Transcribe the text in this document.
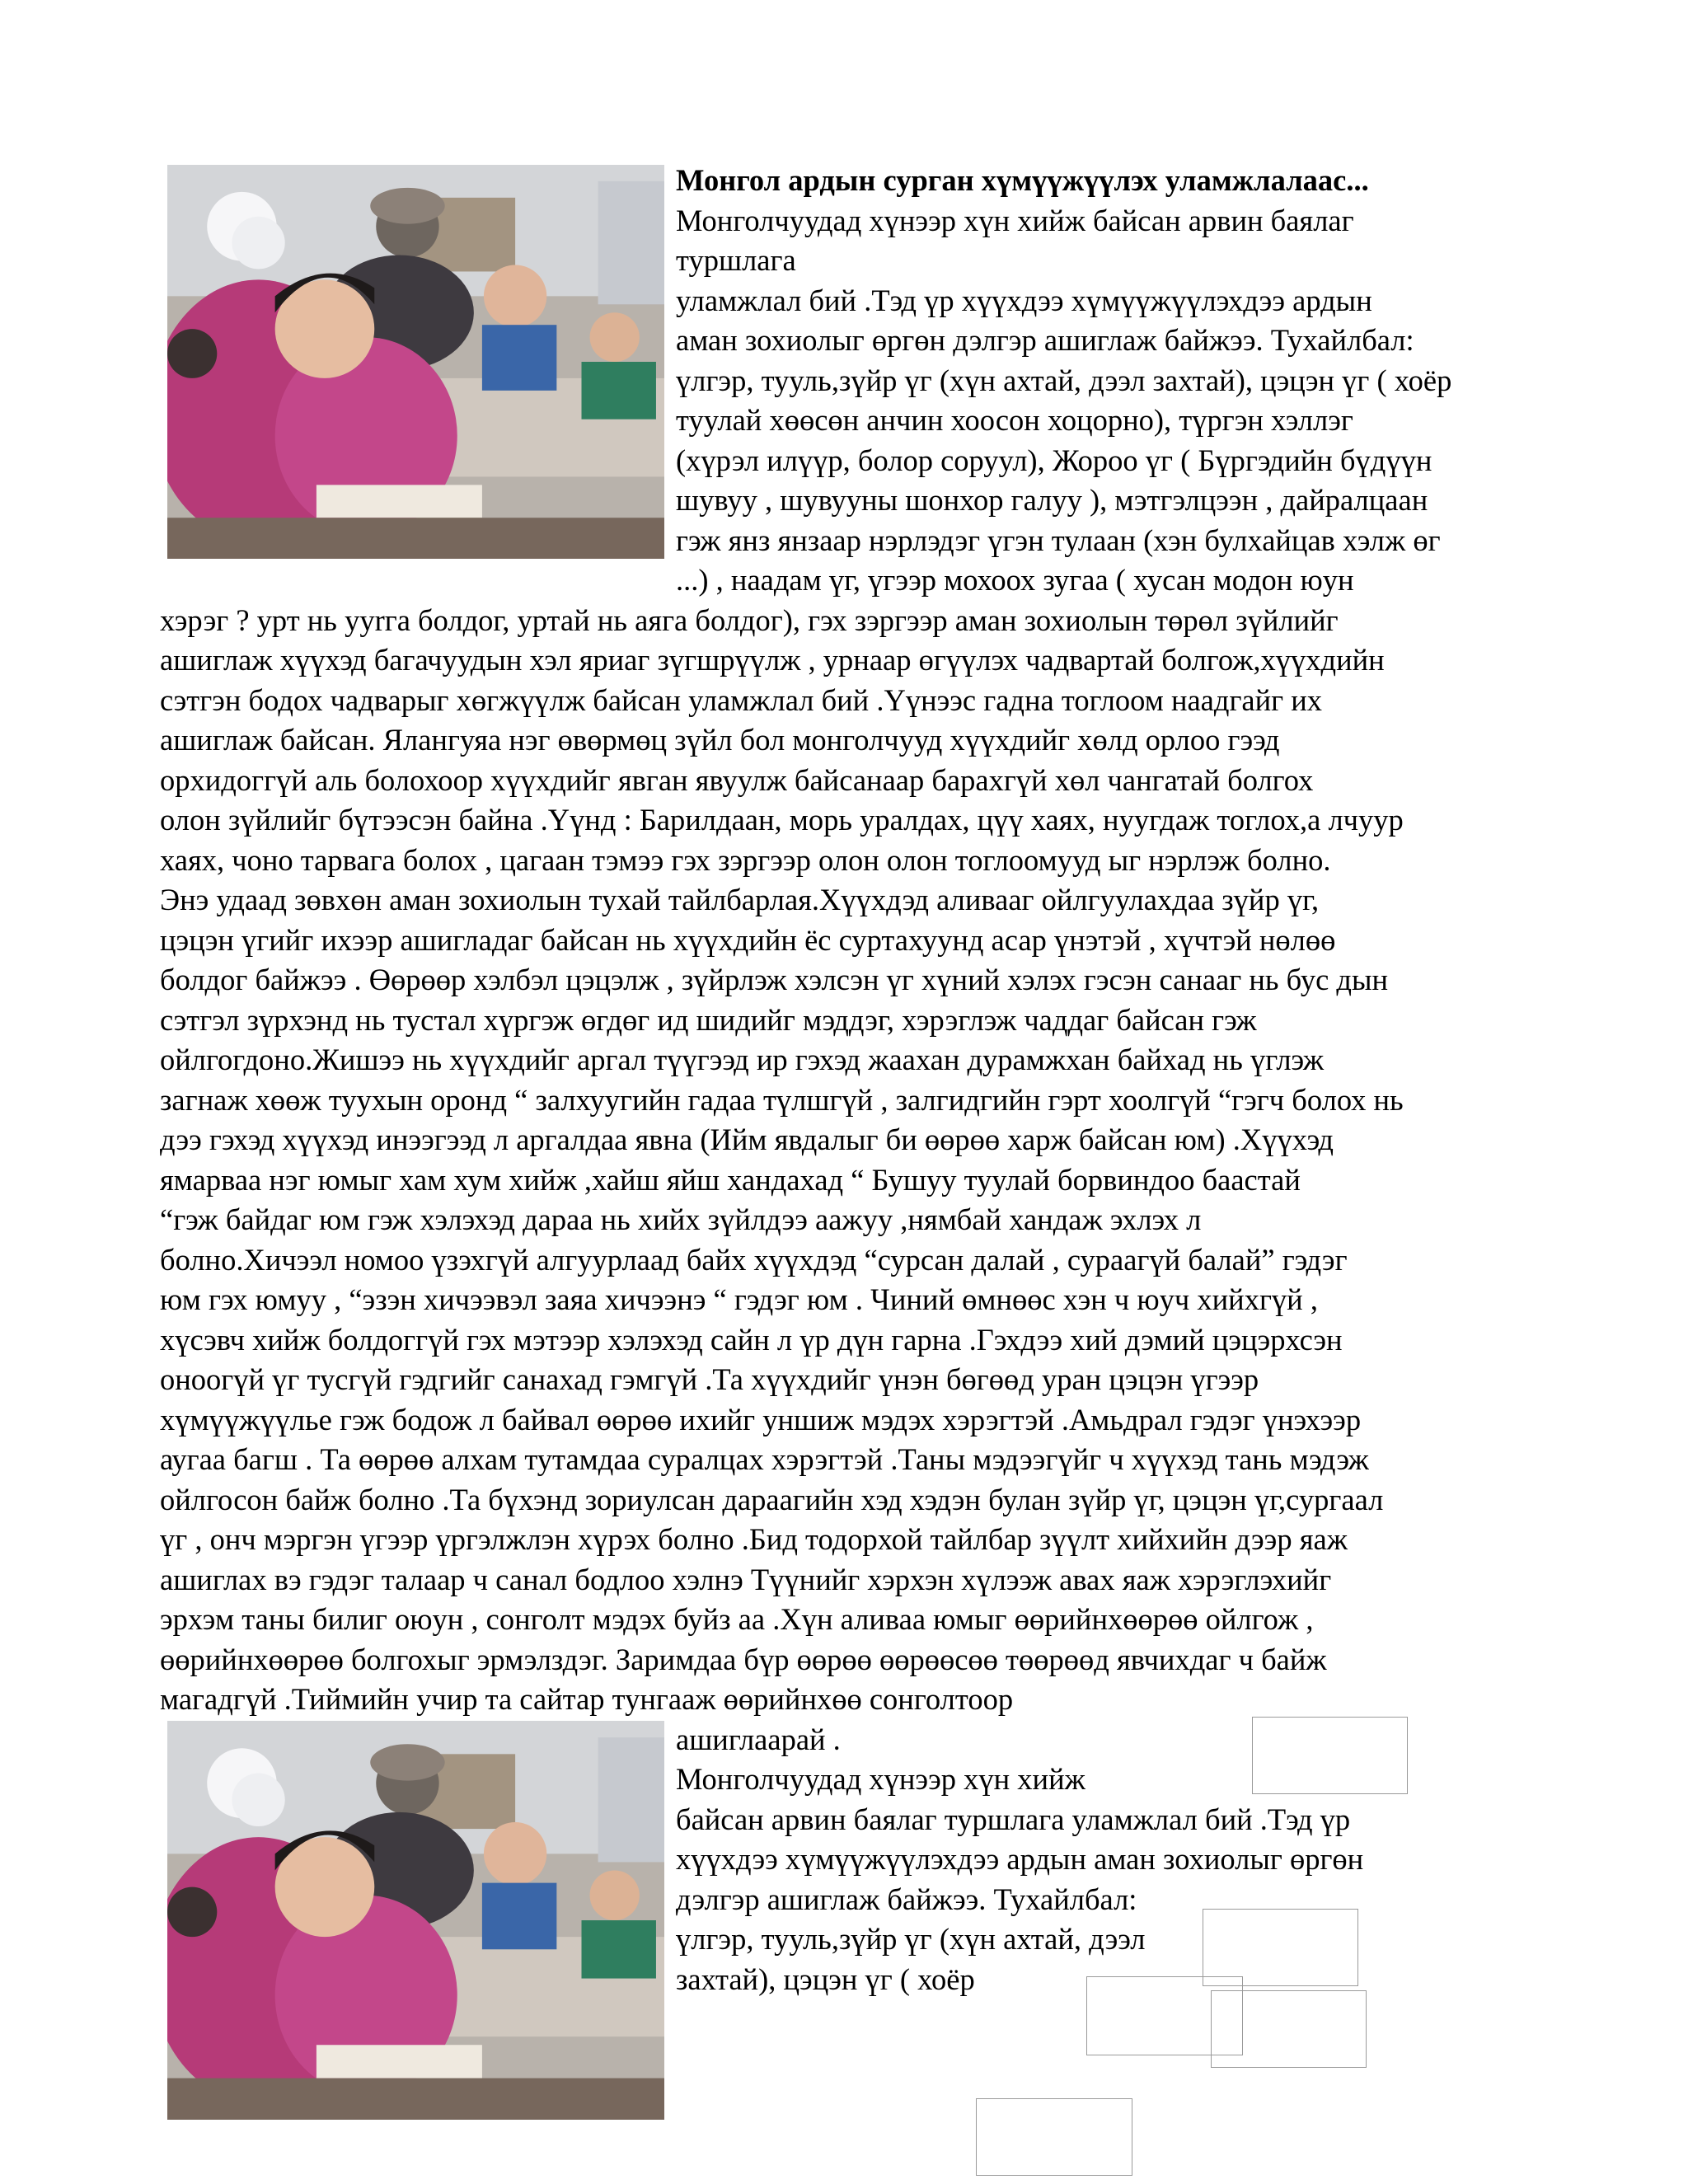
Монгол ардын сурган хүмүүжүүлэх уламжлалаас...
Монголчуудад хүнээр хүн хийж байсан арвин баялаг
туршлага
уламжлал бий .Тэд үр хүүхдээ хүмүүжүүлэхдээ ардын
аман зохиолыг өргөн дэлгэр ашиглаж байжээ. Тухайлбал:
үлгэр, тууль,зүйр үг (хүн ахтай, дээл захтай), цэцэн үг ( хоёр
туулай хөөсөн анчин хоосон хоцорно), түргэн хэллэг
(хүрэл илүүр, болор соруул), Жороо үг ( Бүргэдийн бүдүүн
шувуу , шувууны шонхор галуу ), мэтгэлцээн , дайралцаан
гэж янз янзаар нэрлэдэг үгэн тулаан (хэн булхайцав хэлж өг
...) , наадам үг, үгээр мохоох зугаа ( хусан модон юун
хэрэг ? урт нь ууrга болдог, уртай нь аяга болдог), гэх зэргээр аман зохиолын төрөл зүйлийг
ашиглаж хүүхэд багачуудын хэл яриаг зүгшрүүлж , урнаар өгүүлэх чадвартай болгож,хүүхдийн
сэтгэн бодох чадварыг хөгжүүлж байсан уламжлал бий .Үүнээс гадна тоглоом наадгайг их
ашиглаж байсан. Ялангуяа нэг өвөрмөц зүйл бол монголчууд хүүхдийг хөлд орлоо гээд
орхидоггүй аль болохоор хүүхдийг явган явуулж байсанаар барахгүй хөл чангатай болгох
олон зүйлийг бүтээсэн байна .Үүнд : Барилдаан, морь уралдах, цүү хаях, нуугдаж тоглох,а лчуур
хаях, чоно тарвага болох , цагаан тэмээ гэх зэргээр олон олон тоглоомууд ыг нэрлэж болно.
Энэ удаад зөвхөн аман зохиолын тухай тайлбарлая.Хүүхдэд аливааг ойлгуулахдаа зүйр үг,
цэцэн үгийг ихээр ашигладаг байсан нь хүүхдийн ёс суртахуунд асар үнэтэй , хүчтэй нөлөө
болдог байжээ . Өөрөөр хэлбэл цэцэлж , зүйрлэж хэлсэн үг хүний хэлэх гэсэн санааг нь бус дын
сэтгэл зүрхэнд нь тустал хүргэж өгдөг ид шидийг мэддэг, хэрэглэж чаддаг байсан гэж
ойлгогдоно.Жишээ нь хүүхдийг аргал түүгээд ир гэхэд жаахан дурамжхан байхад нь үглэж
загнаж хөөж туухын оронд “ залхуугийн гадаа түлшгүй , залгидгийн гэрт хоолгүй “гэгч болох нь
дээ гэхэд хүүхэд инээгээд л аргалдаа явна (Ийм явдалыг би өөрөө харж байсан юм) .Хүүхэд
ямарваа нэг юмыг хам хум хийж ,хайш яйш хандахад “ Бушуу туулай борвиндоо баастай
“гэж байдаг юм гэж хэлэхэд дараа нь хийх зүйлдээ аажуу ,нямбай хандаж эхлэх л
болно.Хичээл номоо үзэхгүй алгуурлаад байх хүүхдэд “сурсан далай , сураагүй балай” гэдэг
юм гэх юмуу , “эзэн хичээвэл заяа хичээнэ “ гэдэг юм . Чиний өмнөөс хэн ч юуч хийхгүй ,
хүсэвч хийж болдоггүй гэх мэтээр хэлэхэд сайн л үр дүн гарна .Гэхдээ хий дэмий цэцэрхсэн
оноогүй үг тусгүй гэдгийг санахад гэмгүй .Та хүүхдийг үнэн бөгөөд уран цэцэн үгээр
хүмүүжүүлье гэж бодож л байвал өөрөө ихийг уншиж мэдэх хэрэгтэй .Амьдрал гэдэг үнэхээр
аугаа багш . Та өөрөө алхам тутамдаа суралцах хэрэгтэй .Таны мэдээгүйг ч хүүхэд тань мэдэж
ойлгосон байж болно .Та бүхэнд зориулсан дараагийн хэд хэдэн булан зүйр үг, цэцэн үг,сургаал
үг , онч мэргэн үгээр үргэлжлэн хүрэх болно .Бид тодорхой тайлбар зүүлт хийхийн дээр яаж
ашиглах вэ гэдэг талаар ч санал бодлоо хэлнэ Түүнийг хэрхэн хүлээж авах яаж хэрэглэхийг
эрхэм таны билиг оюун , сонголт мэдэх буйз аа .Хүн аливаа юмыг өөрийнхөөрөө ойлгож ,
өөрийнхөөрөө болгохыг эрмэлздэг. Заримдаа бүр өөрөө өөрөөсөө төөрөөд явчихдаг ч байж
магадгүй .Тиймийн учир та сайтар тунгааж өөрийнхөө сонголтоор
ашиглаарай .
Монголчуудад хүнээр хүн хийж
байсан арвин баялаг туршлага уламжлал бий .Тэд үр
хүүхдээ хүмүүжүүлэхдээ ардын аман зохиолыг өргөн
дэлгэр ашиглаж байжээ. Тухайлбал:
үлгэр, тууль,зүйр үг (хүн ахтай, дээл
захтай), цэцэн үг ( хоёр
